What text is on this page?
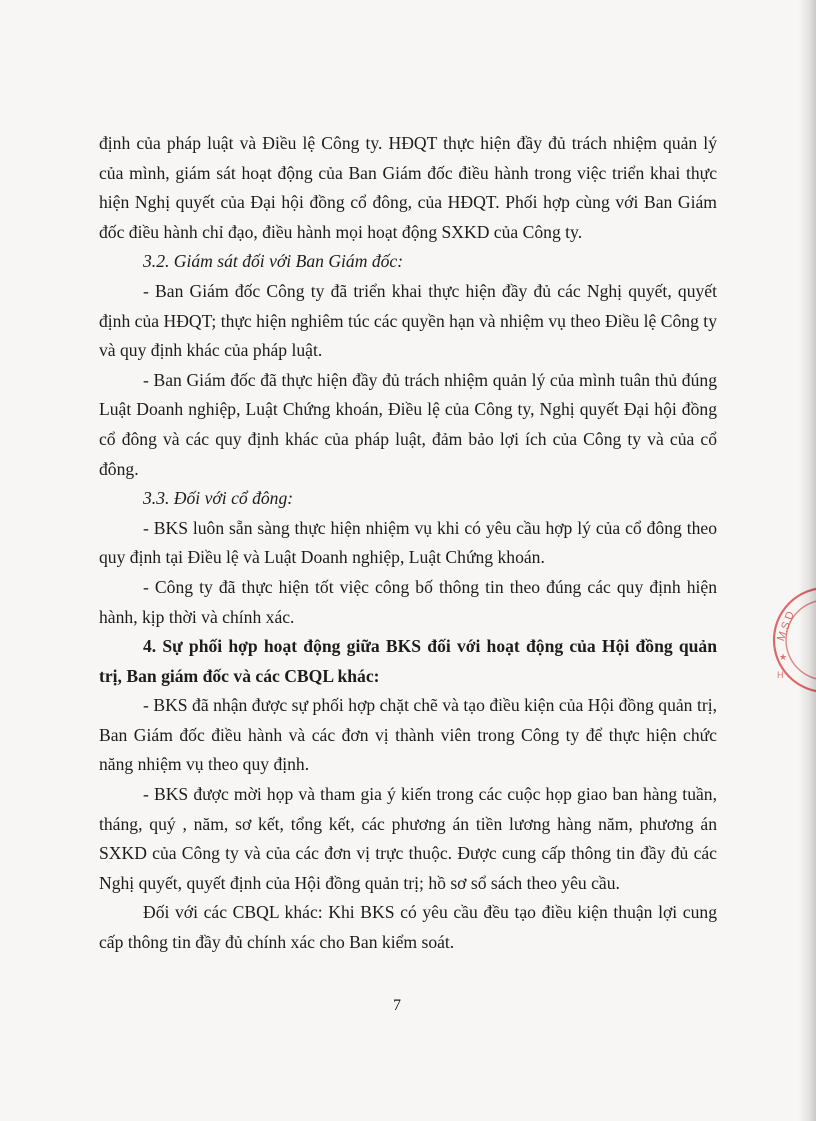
định của pháp luật và Điều lệ Công ty. HĐQT thực hiện đầy đủ trách nhiệm quản lý của mình, giám sát hoạt động của Ban Giám đốc điều hành trong việc triển khai thực hiện Nghị quyết của Đại hội đồng cổ đông, của HĐQT. Phối hợp cùng với Ban Giám đốc điều hành chỉ đạo, điều hành mọi hoạt động SXKD của Công ty.

3.2. Giám sát đối với Ban Giám đốc:

- Ban Giám đốc Công ty đã triển khai thực hiện đầy đủ các Nghị quyết, quyết định của HĐQT; thực hiện nghiêm túc các quyền hạn và nhiệm vụ theo Điều lệ Công ty và quy định khác của pháp luật.

- Ban Giám đốc đã thực hiện đầy đủ trách nhiệm quản lý của mình tuân thủ đúng Luật Doanh nghiệp, Luật Chứng khoán, Điều lệ của Công ty, Nghị quyết Đại hội đồng cổ đông và các quy định khác của pháp luật, đảm bảo lợi ích của Công ty và của cổ đông.

3.3. Đối với cổ đông:

- BKS luôn sẵn sàng thực hiện nhiệm vụ khi có yêu cầu hợp lý của cổ đông theo quy định tại Điều lệ và Luật Doanh nghiệp, Luật Chứng khoán.

- Công ty đã thực hiện tốt việc công bố thông tin theo đúng các quy định hiện hành, kịp thời và chính xác.

4. Sự phối hợp hoạt động giữa BKS đối với hoạt động của Hội đồng quản trị, Ban giám đốc và các CBQL khác:

- BKS đã nhận được sự phối hợp chặt chẽ và tạo điều kiện của Hội đồng quản trị, Ban Giám đốc điều hành và các đơn vị thành viên trong Công ty để thực hiện chức năng nhiệm vụ theo quy định.

- BKS được mời họp và tham gia ý kiến trong các cuộc họp giao ban hàng tuần, tháng, quý , năm, sơ kết, tổng kết, các phương án tiền lương hàng năm, phương án SXKD của Công ty và của các đơn vị trực thuộc. Được cung cấp thông tin đầy đủ các Nghị quyết, quyết định của Hội đồng quản trị; hồ sơ sổ sách theo yêu cầu.

Đối với các CBQL khác: Khi BKS có yêu cầu đều tạo điều kiện thuận lợi cung cấp thông tin đầy đủ chính xác cho Ban kiểm soát.

7
M.S.D
★
H
